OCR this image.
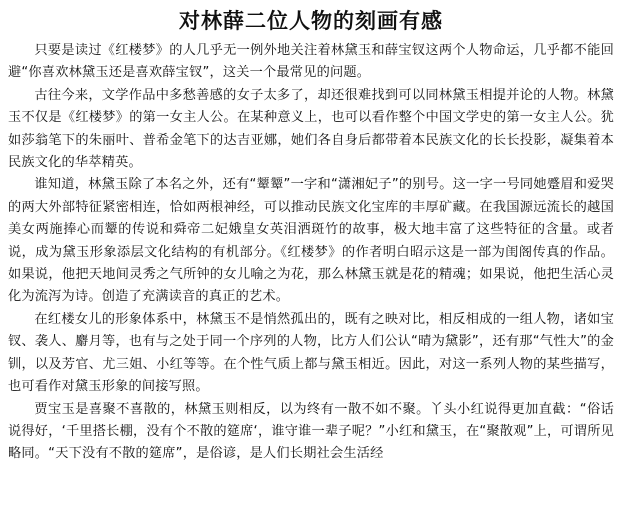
对林薛二位人物的刻画有感

只要是读过《红楼梦》的人几乎无一例外地关注着林黛玉和薛宝钗这两个人物命运，几乎都不能回避“你喜欢林黛玉还是喜欢薛宝钗”，这关一个最常见的问题。

古往今来，文学作品中多愁善感的女子太多了，却还很难找到可以同林黛玉相提并论的人物。林黛玉不仅是《红楼梦》的第一女主人公。在某种意义上，也可以看作整个中国文学史的第一女主人公。犹如莎翁笔下的朱丽叶、普希金笔下的达吉亚娜，她们各自身后都带着本民族文化的长长投影，凝集着本民族文化的华萃精英。

谁知道，林黛玉除了本名之外，还有“颦颦”一字和“潇湘妃子”的别号。这一字一号同她蹙眉和爱哭的两大外部特征紧密相连，恰如两根神经，可以推动民族文化宝库的丰厚矿藏。在我国源远流长的越国美女两施捧心而颦的传说和舜帝二妃娥皇女英泪洒斑竹的故事，极大地丰富了这些特征的含量。或者说，成为黛玉形象添层文化结构的有机部分。《红楼梦》的作者明白昭示这是一部为闺阁传真的作品。如果说，他把天地间灵秀之气所钟的女儿喻之为花，那么林黛玉就是花的精魂；如果说，他把生活心灵化为流泻为诗。创造了充满读音的真正的艺术。

在红楼女儿的形象体系中，林黛玉不是悄然孤出的，既有之映对比，相反相成的一组人物，诸如宝钗、袭人、麝月等，也有与之处于同一个序列的人物，比方人们公认“晴为黛影”，还有那“气性大”的金钏，以及芳官、尤三姐、小红等等。在个性气质上都与黛玉相近。因此，对这一系列人物的某些描写，也可看作对黛玉形象的间接写照。

贾宝玉是喜聚不喜散的，林黛玉则相反，以为终有一散不如不聚。丫头小红说得更加直截：“俗话说得好，‘千里搭长棚，没有个不散的筵席‘，谁守谁一辈子呢？”小红和黛玉，在“聚散观”上，可谓所见略同。“天下没有不散的筵席”，是俗谚，是人们长期社会生活经
